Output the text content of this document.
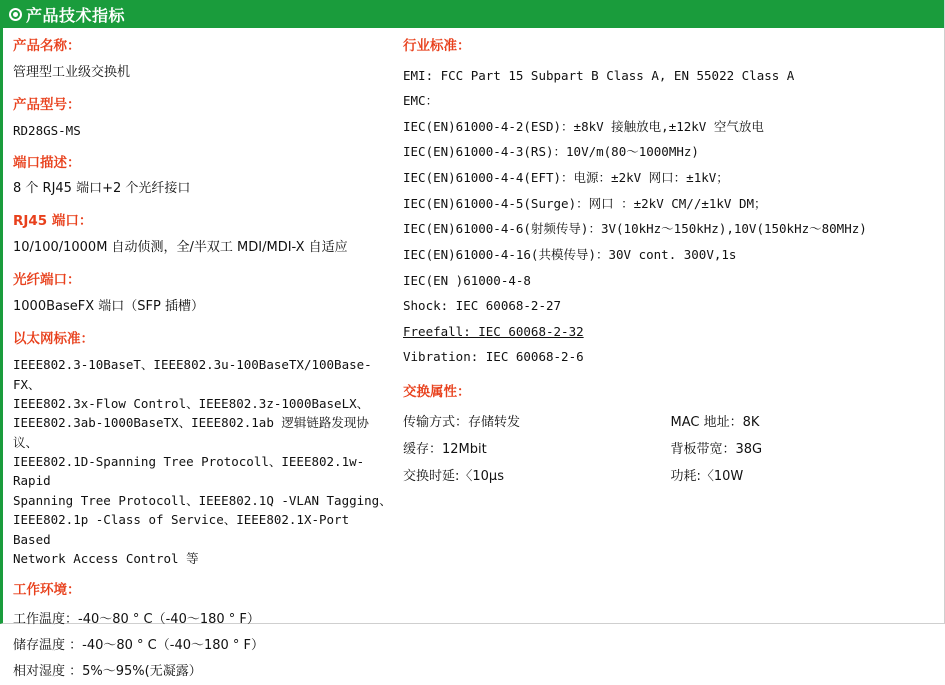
产品技术指标
产品名称：
管理型工业级交换机
产品型号：
RD28GS-MS
端口描述：
8 个 RJ45 端口+2 个光纤接口
RJ45 端口：
10/100/1000M 自动侦测，全/半双工 MDI/MDI-X 自适应
光纤端口：
1000BaseFX 端口（SFP 插槽）
以太网标准：
IEEE802.3-10BaseT、IEEE802.3u-100BaseTX/100Base-FX、
IEEE802.3x-Flow Control、IEEE802.3z-1000BaseLX、
IEEE802.3ab-1000BaseTX、IEEE802.1ab 逻辑链路发现协议、
IEEE802.1D-Spanning Tree Protocoll、IEEE802.1w-Rapid
Spanning Tree Protocoll、IEEE802.1Q -VLAN Tagging、
IEEE802.1p -Class of Service、IEEE802.1X-Port Based
Network Access Control 等
工作环境：
工作温度：-40～80 ° C（-40～180 ° F）
储存温度 ：-40～80 ° C（-40～180 ° F）
相对湿度 ：5%～95%(无凝露）
行业标准：
EMI: FCC Part 15 Subpart B Class A, EN 55022 Class A
EMC：
IEC(EN)61000-4-2(ESD)：±8kV 接触放电,±12kV 空气放电
IEC(EN)61000-4-3(RS)：10V/m(80～1000MHz)
IEC(EN)61000-4-4(EFT)：电源：±2kV 网口：±1kV；
IEC(EN)61000-4-5(Surge)：网口 ：±2kV CM//±1kV DM；
IEC(EN)61000-4-6(射频传导)：3V(10kHz～150kHz),10V(150kHz～80MHz)
IEC(EN)61000-4-16(共模传导)：30V cont. 300V,1s
IEC(EN )61000-4-8
Shock: IEC 60068-2-27
Freefall: IEC 60068-2-32
Vibration: IEC 60068-2-6
交换属性：
传输方式：存储转发	MAC 地址：8K
缓存：12Mbit	背板带宽：38G
交换时延:〈10μs	功耗:〈10W
